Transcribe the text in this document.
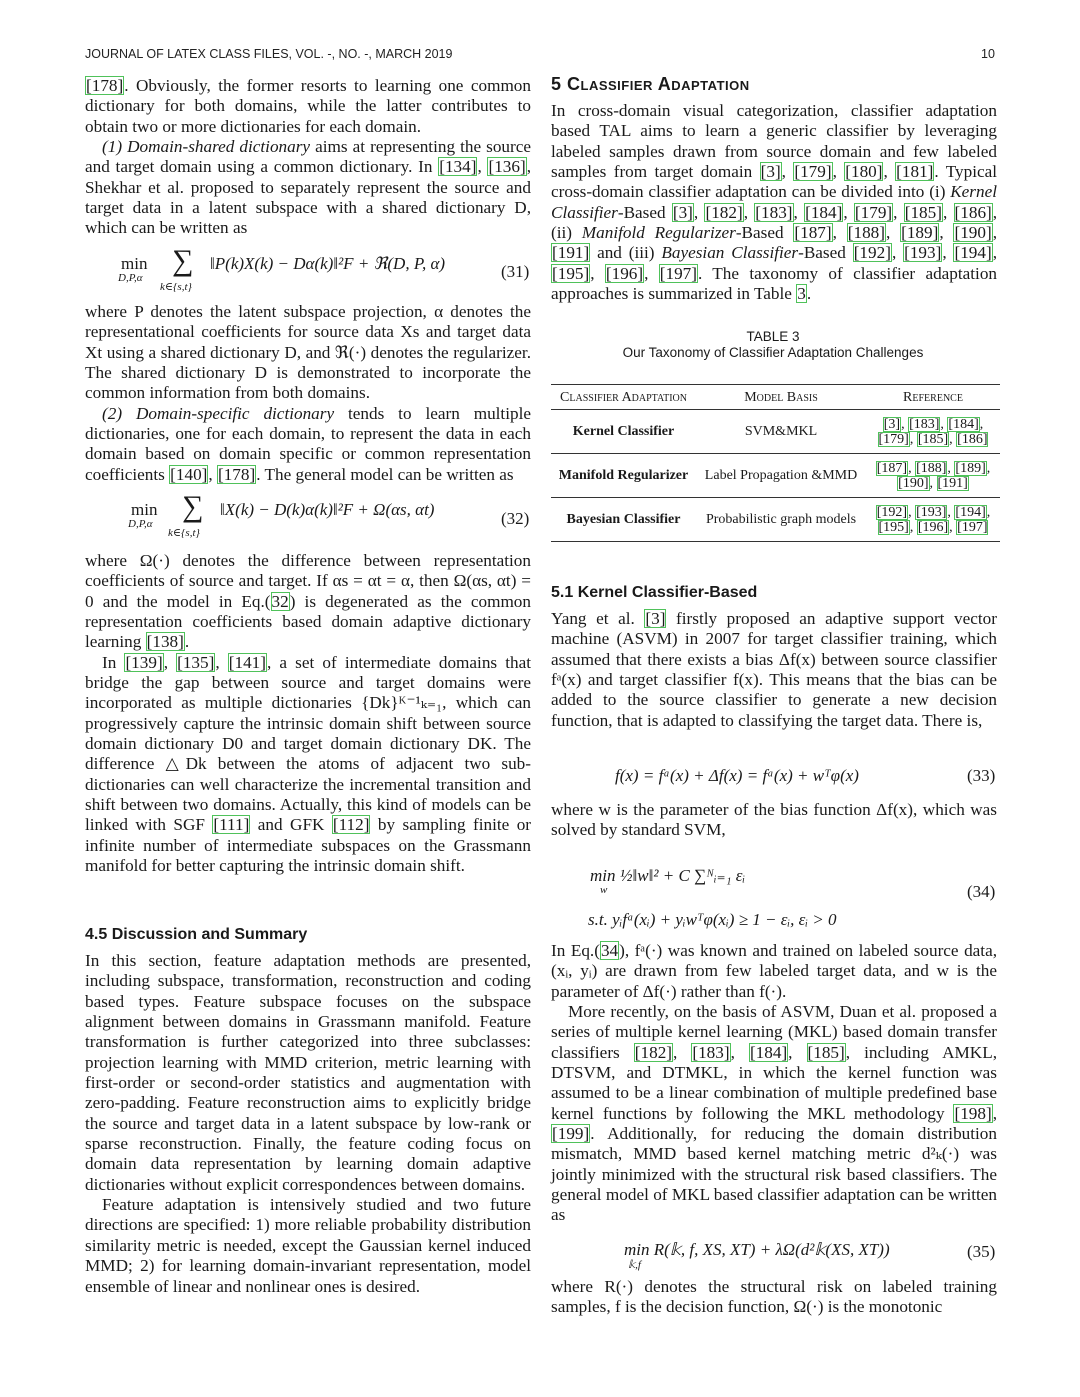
JOURNAL OF LATEX CLASS FILES, VOL. -, NO. -, MARCH 2019	10

[178]. Obviously, the former resorts to learning one common dictionary for both domains, while the latter contributes to obtain two or more dictionaries for each domain.

(1) Domain-shared dictionary aims at representing the source and target domain using a common dictionary. In [134], [136], Shekhar et al. proposed to separately represent the source and target data in a latent subspace with a shared dictionary D, which can be written as

min
D,P,α
∑
k∈{s,t}
‖P(k)X(k) − Dα(k)‖²F + ℜ(D, P, α)	(31)

where P denotes the latent subspace projection, α denotes the representational coefficients for source data Xs and target data Xt using a shared dictionary D, and ℜ(·) denotes the regularizer. The shared dictionary D is demonstrated to incorporate the common information from both domains.

(2) Domain-specific dictionary tends to learn multiple dictionaries, one for each domain, to represent the data in each domain based on domain specific or common representation coefficients [140], [178]. The general model can be written as

min
D,P,α
∑
k∈{s,t}
‖X(k) − D(k)α(k)‖²F + Ω(αs, αt)	(32)

where Ω(·) denotes the difference between representation coefficients of source and target. If αs = αt = α, then Ω(αs, αt) = 0 and the model in Eq.(32) is degenerated as the common representation coefficients based domain adaptive dictionary learning [138].

In [139], [135], [141], a set of intermediate domains that bridge the gap between source and target domains were incorporated as multiple dictionaries {Dk}ᴷ⁻¹ₖ₌₁, which can progressively capture the intrinsic domain shift between source domain dictionary D0 and target domain dictionary DK. The difference △Dk between the atoms of adjacent two sub-dictionaries can well characterize the incremental transition and shift between two domains. Actually, this kind of models can be linked with SGF [111] and GFK [112] by sampling finite or infinite number of intermediate subspaces on the Grassmann manifold for better capturing the intrinsic domain shift.

4.5 Discussion and Summary

In this section, feature adaptation methods are presented, including subspace, transformation, reconstruction and coding based types. Feature subspace focuses on the subspace alignment between domains in Grassmann manifold. Feature transformation is further categorized into three subclasses: projection learning with MMD criterion, metric learning with first-order or second-order statistics and augmentation with zero-padding. Feature reconstruction aims to explicitly bridge the source and target data in a latent subspace by low-rank or sparse reconstruction. Finally, the feature coding focus on domain data representation by learning domain adaptive dictionaries without explicit correspondences between domains.

Feature adaptation is intensively studied and two future directions are specified: 1) more reliable probability distribution similarity metric is needed, except the Gaussian kernel induced MMD; 2) for learning domain-invariant representation, model ensemble of linear and nonlinear ones is desired.

5 Classifier Adaptation

In cross-domain visual categorization, classifier adaptation based TAL aims to learn a generic classifier by leveraging labeled samples drawn from source domain and few labeled samples from target domain [3], [179], [180], [181]. Typical cross-domain classifier adaptation can be divided into (i) Kernel Classifier-Based [3], [182], [183], [184], [179], [185], [186], (ii) Manifold Regularizer-Based [187], [188], [189], [190], [191] and (iii) Bayesian Classifier-Based [192], [193], [194], [195], [196], [197]. The taxonomy of classifier adaptation approaches is summarized in Table 3.

TABLE 3
Our Taxonomy of Classifier Adaptation Challenges
Classifier Adaptation	Model Basis	Reference
Kernel Classifier	SVM&MKL	[3], [183], [184], [179], [185], [186]
Manifold Regularizer	Label Propagation &MMD	[187], [188], [189], [190], [191]
Bayesian Classifier	Probabilistic graph models	[192], [193], [194], [195], [196], [197]
5.1 Kernel Classifier-Based

Yang et al. [3] firstly proposed an adaptive support vector machine (ASVM) in 2007 for target classifier training, which assumed that there exists a bias Δf(x) between source classifier fᵃ(x) and target classifier f(x). This means that the bias can be added to the source classifier to generate a new decision function, that is adapted to classifying the target data. There is,

f(x) = fᵃ(x) + Δf(x) = fᵃ(x) + wᵀφ(x)	(33)

where w is the parameter of the bias function Δf(x), which was solved by standard SVM,

min ½‖w‖² + C ∑ᴺᵢ₌₁ εᵢ
w
s.t. yᵢfᵃ(xᵢ) + yᵢwᵀφ(xᵢ) ≥ 1 − εᵢ, εᵢ > 0
(34)

In Eq.(34), fᵃ(·) was known and trained on labeled source data, (xᵢ, yᵢ) are drawn from few labeled target data, and w is the parameter of Δf(·) rather than f(·).

More recently, on the basis of ASVM, Duan et al. proposed a series of multiple kernel learning (MKL) based domain transfer classifiers [182], [183], [184], [185], including AMKL, DTSVM, and DTMKL, in which the kernel function was assumed to be a linear combination of multiple predefined base kernel functions by following the MKL methodology [198], [199]. Additionally, for reducing the domain distribution mismatch, MMD based kernel matching metric d²ₖ(·) was jointly minimized with the structural risk based classifiers. The general model of MKL based classifier adaptation can be written as

min R(𝕜, f, XS, XT) + λΩ(d²𝕜(XS, XT))
𝕜,f
(35)

where R(·) denotes the structural risk on labeled training samples, f is the decision function, Ω(·) is the monotonic
